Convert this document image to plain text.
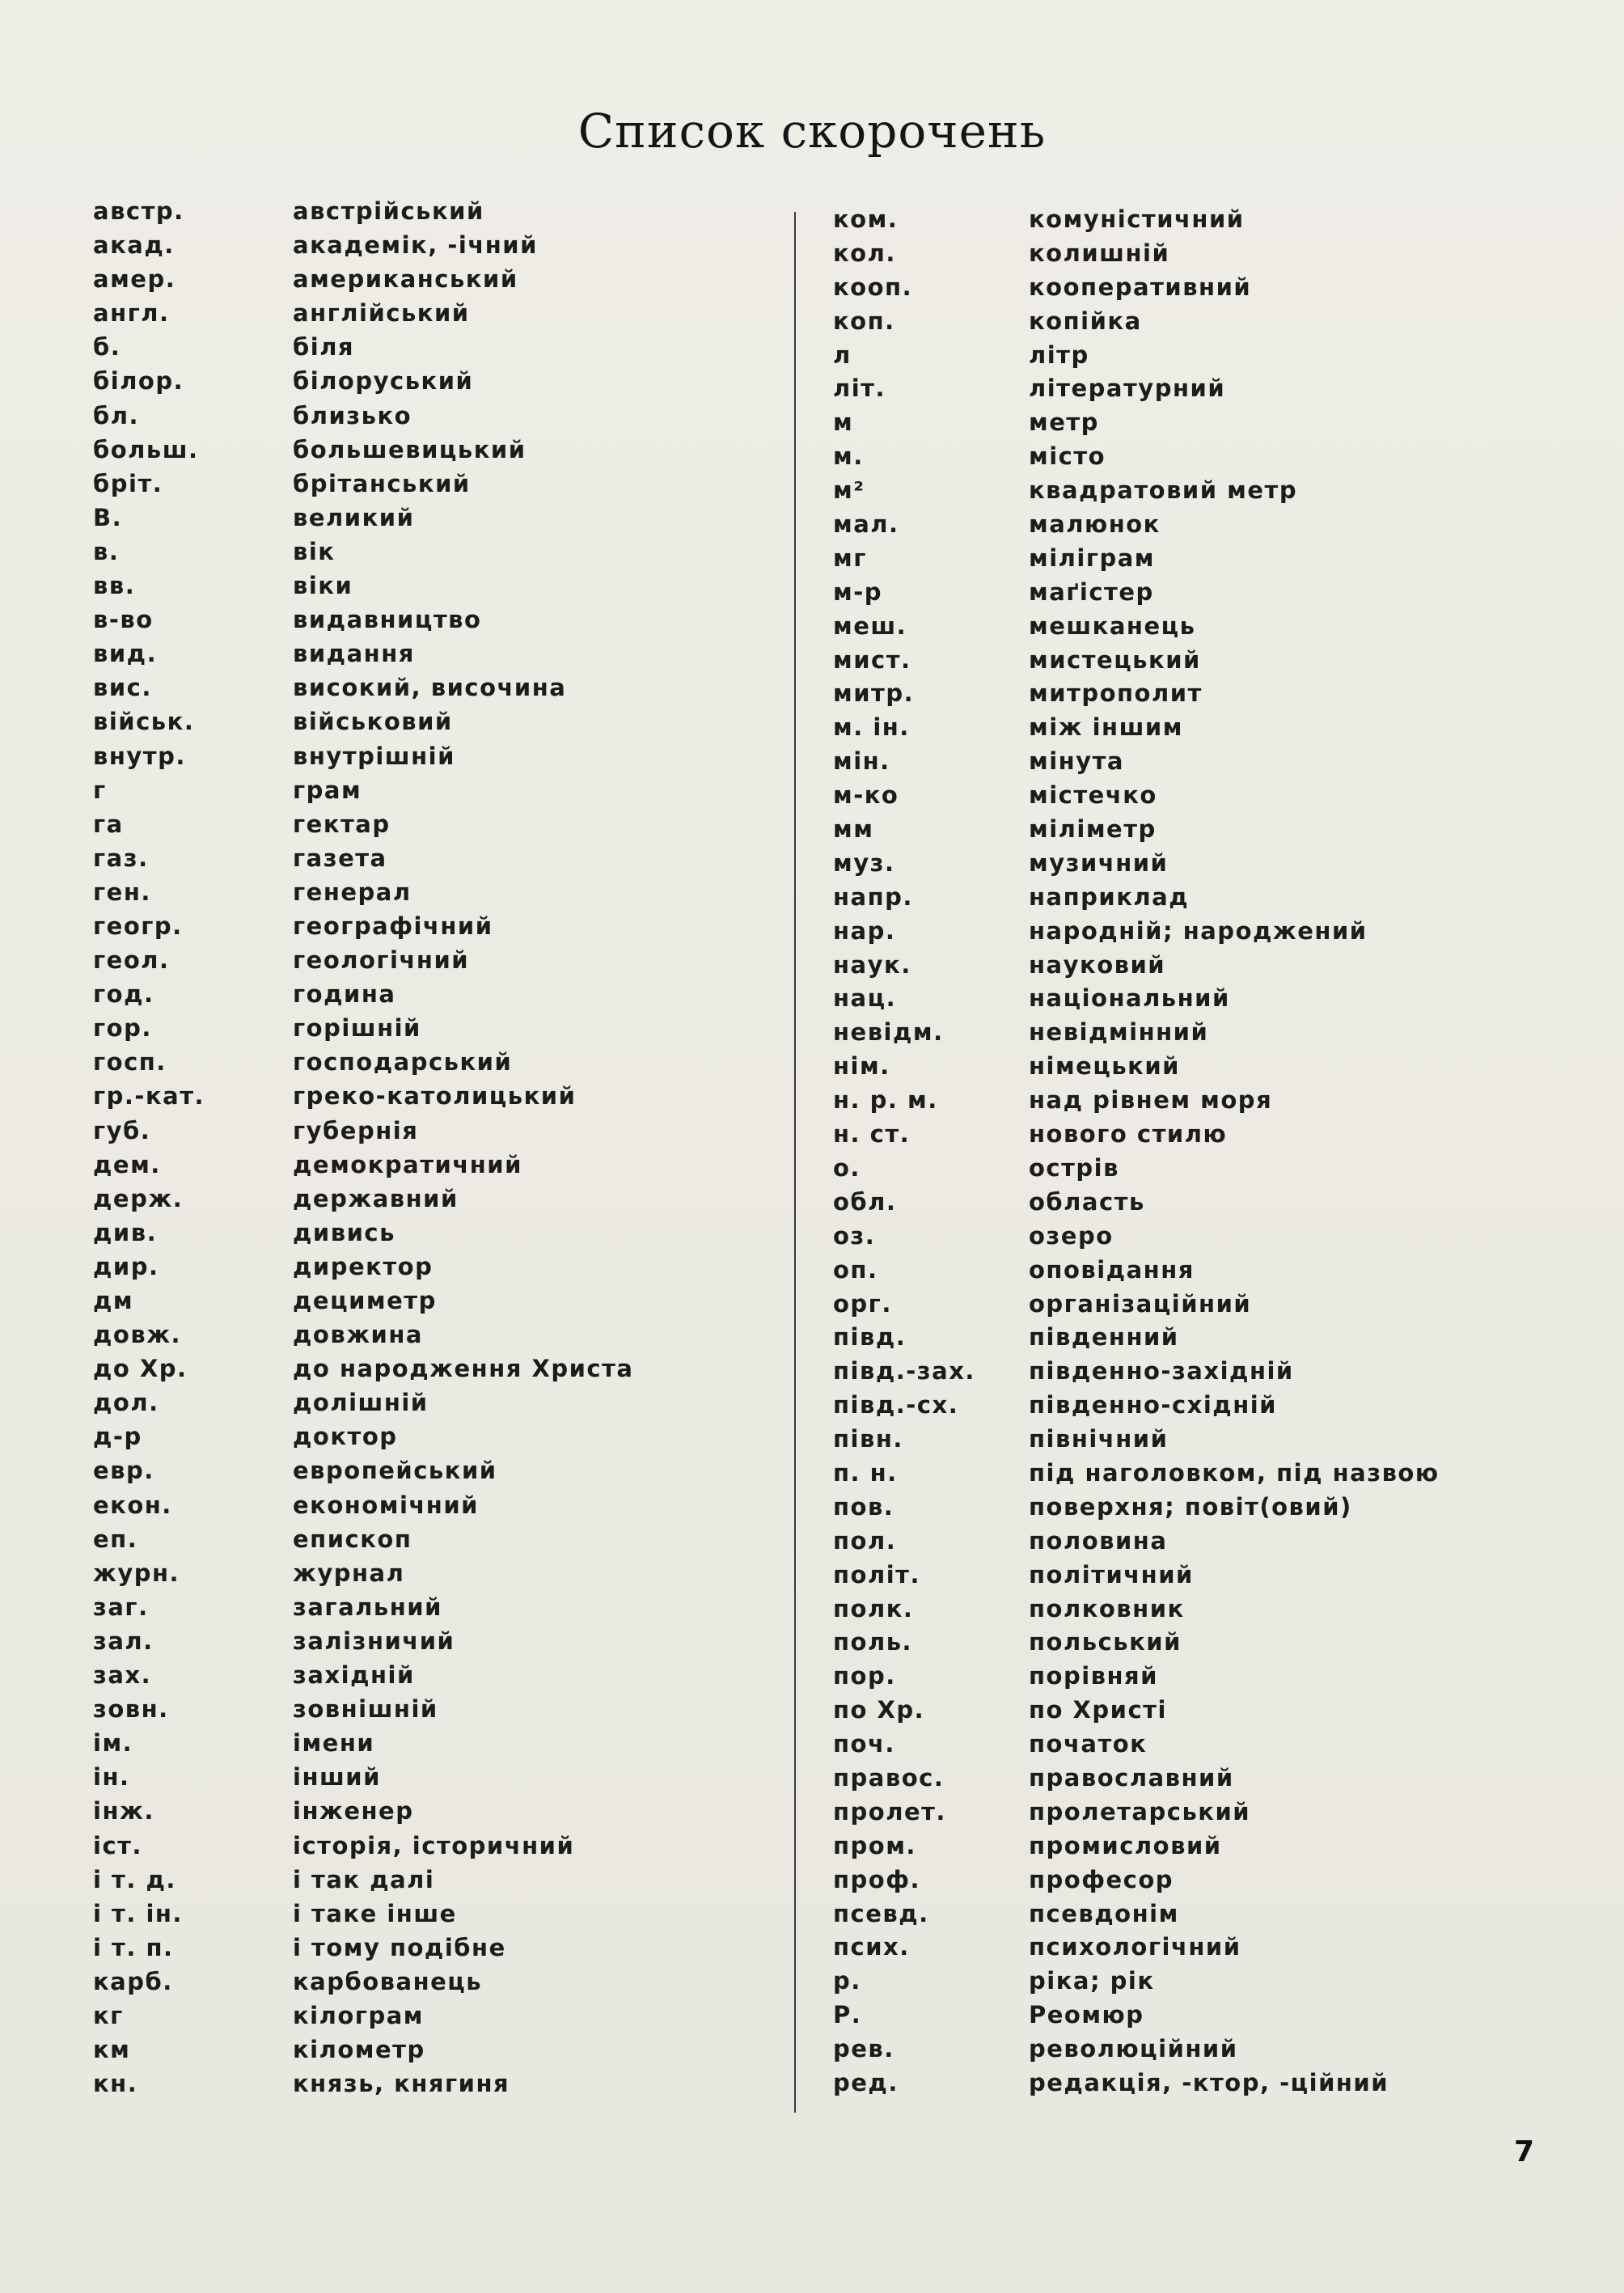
Список скорочень
австр.	австрійський
акад.	академік, -ічний
амер.	американський
англ.	англійський
б.	біля
білор.	білоруський
бл.	близько
больш.	большевицький
бріт.	брітанський
В.	великий
в.	вік
вв.	віки
в-во	видавництво
вид.	видання
вис.	високий, височина
військ.	військовий
внутр.	внутрішній
г	грам
га	гектар
газ.	газета
ген.	генерал
геогр.	географічний
геол.	геологічний
год.	година
гор.	горішній
госп.	господарський
гр.-кат.	греко-католицький
губ.	губернія
дем.	демократичний
держ.	державний
див.	дивись
дир.	директор
дм	дециметр
довж.	довжина
до Хр.	до народження Христа
дол.	долішній
д-р	доктор
евр.	европейський
екон.	економічний
еп.	епископ
журн.	журнал
заг.	загальний
зал.	залізничий
зах.	західній
зовн.	зовнішній
ім.	імени
ін.	інший
інж.	інженер
іст.	історія, історичний
і т. д.	і так далі
і т. ін.	і таке інше
і т. п.	і тому подібне
карб.	карбованець
кг	кілограм
км	кілометр
кн.	князь, княгиня
ком.	комуністичний
кол.	колишній
кооп.	кооперативний
коп.	копійка
л	літр
літ.	літературний
м	метр
м.	місто
м²	квадратовий метр
мал.	малюнок
мг	міліграм
м-р	маґістер
меш.	мешканець
мист.	мистецький
митр.	митрополит
м. ін.	між іншим
мін.	мінута
м-ко	містечко
мм	міліметр
муз.	музичний
напр.	наприклад
нар.	народній; народжений
наук.	науковий
нац.	національний
невідм.	невідмінний
нім.	німецький
н. р. м.	над рівнем моря
н. ст.	нового стилю
о.	острів
обл.	область
оз.	озеро
оп.	оповідання
орг.	організаційний
півд.	південний
півд.-зах. південно-західній
півд.-сх.	південно-східній
півн.	північний
п. н.	під наголовком, під назвою
пов.	поверхня; повіт(овий)
пол.	половина
політ.	політичний
полк.	полковник
поль.	польський
пор.	порівняй
по Хр.	по Христі
поч.	початок
правос.	православний
пролет.	пролетарський
пром.	промисловий
проф.	професор
псевд.	псевдонім
псих.	психологічний
р.	ріка; рік
Р.	Реомюр
рев.	революційний
ред.	редакція, -ктор, -ційний
7
